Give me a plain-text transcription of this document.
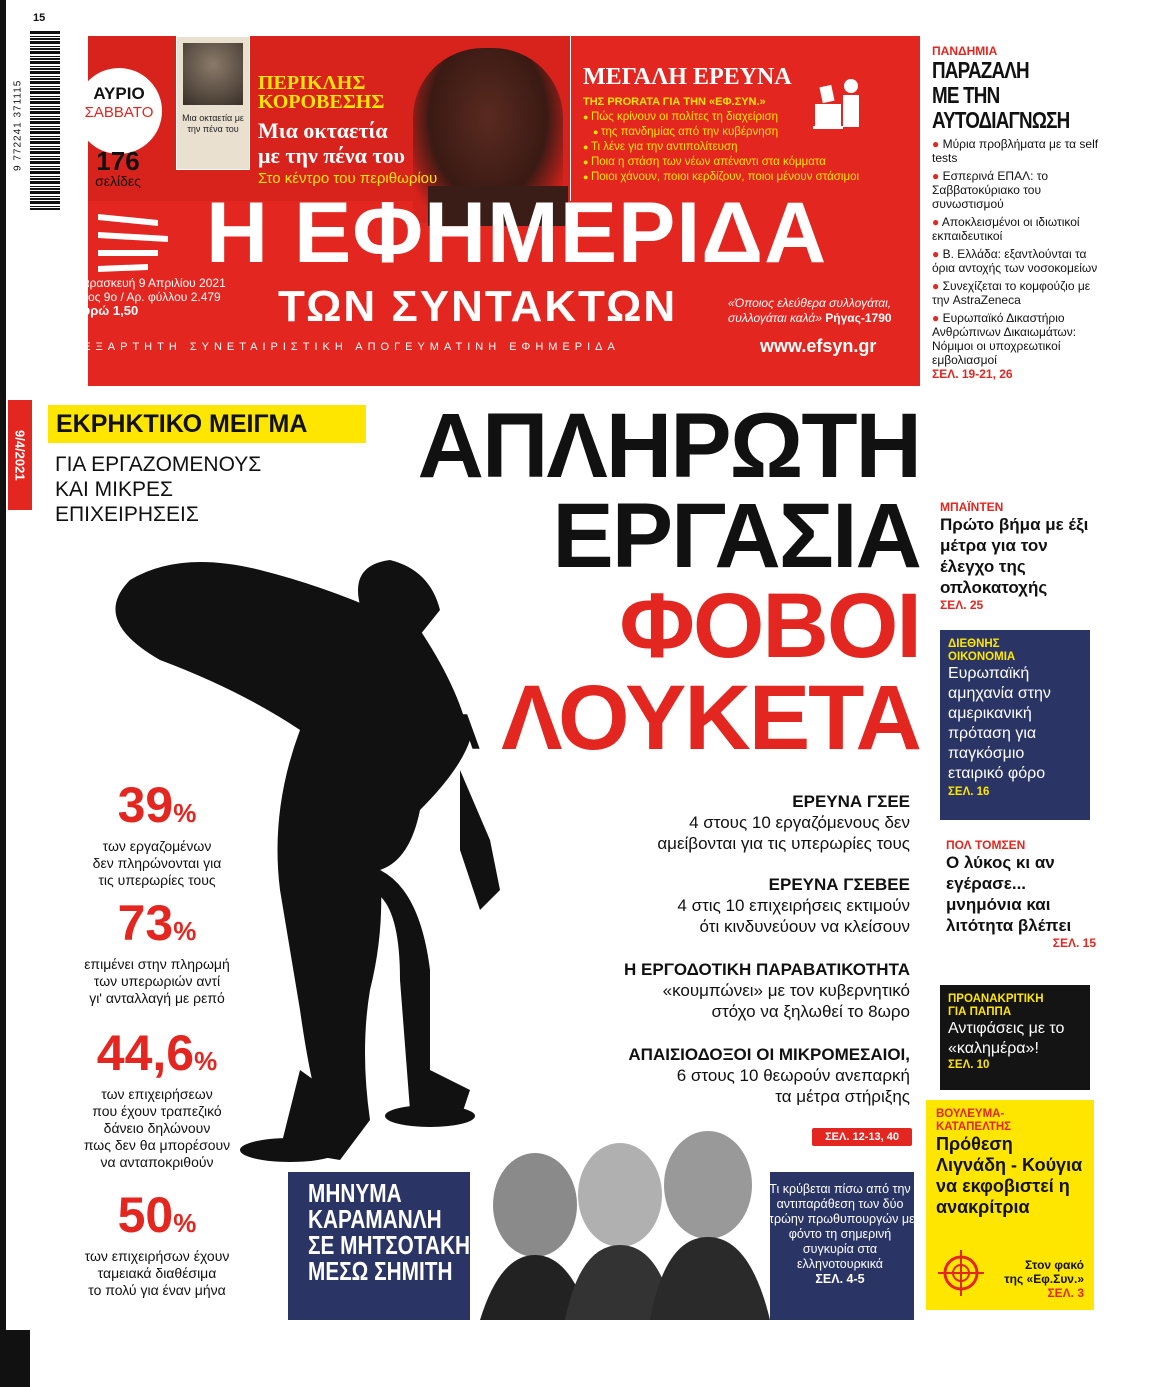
15
9 772241 371115	Μια οκταετία με την πένα του
ΑΥΡΙΟ
ΣΑΒΒΑΤΟ
176
σελίδες
ΠΕΡΙΚΛΗΣ
ΚΟΡΟΒΕΣΗΣ
Μια οκταετία
με την πένα του
Στο κέντρο του περιθωρίου
ΜΕΓΑΛΗ ΕΡΕΥΝΑ
ΤΗΣ PRORATA ΓΙΑ ΤΗΝ «ΕΦ.ΣΥΝ.»
● Πώς κρίνουν οι πολίτες τη διαχείριση
● της πανδημίας από την κυβέρνηση
● Τι λένε για την αντιπολίτευση
● Ποια η στάση των νέων απέναντι στα κόμματα
● Ποιοι χάνουν, ποιοι κερδίζουν, ποιοι μένουν στάσιμοι
Η ΕΦΗΜΕΡΙΔΑ
ΤΩΝ ΣΥΝΤΑΚΤΩΝ
Παρασκευή 9 Απριλίου 2021
Έτος 9ο / Αρ. φύλλου 2.479
Ευρώ 1,50	«Όποιος ελεύθερα συλλογάται,
συλλογάται καλά» Ρήγας-1790
ΑΝΕΞΑΡΤΗΤΗ ΣΥΝΕΤΑΙΡΙΣΤΙΚΗ ΑΠΟΓΕΥΜΑΤΙΝΗ ΕΦΗΜΕΡΙΔΑ	www.efsyn.gr
ΠΑΝΔΗΜΙΑ
ΠΑΡΑΖΑΛΗ
ΜΕ ΤΗΝ
ΑΥΤΟΔΙΑΓΝΩΣΗ
● Μύρια προβλήματα με τα self tests
● Εσπερινά ΕΠΑΛ: το Σαββατοκύριακο του συνωστισμού
● Αποκλεισμένοι οι ιδιωτικοί εκπαιδευτικοί
● Β. Ελλάδα: εξαντλούνται τα όρια αντοχής των νοσοκομείων
● Συνεχίζεται το κομφούζιο με την AstraZeneca
● Ευρωπαϊκό Δικαστήριο Ανθρώπινων Δικαιωμάτων: Νόμιμοι οι υποχρεωτικοί εμβολιασμοί
ΣΕΛ. 19-21, 26
ΜΠΑΪΝΤΕΝ
Πρώτο βήμα με έξι μέτρα για τον έλεγχο της οπλοκατοχής
ΣΕΛ. 25
ΔΙΕΘΝΗΣ
ΟΙΚΟΝΟΜΙΑ
Ευρωπαϊκή αμηχανία στην αμερικανική πρόταση για παγκόσμιο εταιρικό φόρο
ΣΕΛ. 16
ΠΟΛ ΤΟΜΣΕΝ
Ο λύκος κι αν εγέρασε... μνημόνια και λιτότητα βλέπει
ΣΕΛ. 15
ΠΡΟΑΝΑΚΡΙΤΙΚΗ
ΓΙΑ ΠΑΠΠΑ
Αντιφάσεις με το «καλημέρα»!
ΣΕΛ. 10
ΒΟΥΛΕΥΜΑ-
ΚΑΤΑΠΕΛΤΗΣ
Πρόθεση Λιγνάδη - Κούγια να εκφοβιστεί η ανακρίτρια
Στον φακό
της «Εφ.Συν.»
ΣΕΛ. 3
9/4/2021
ΕΚΡΗΚΤΙΚΟ ΜΕΙΓΜΑ
ΓΙΑ ΕΡΓΑΖΟΜΕΝΟΥΣ
ΚΑΙ ΜΙΚΡΕΣ
ΕΠΙΧΕΙΡΗΣΕΙΣ
ΑΠΛΗΡΩΤΗ
ΕΡΓΑΣΙΑ
ΦΟΒΟΙ
ΓΙΑ ΛΟΥΚΕΤΑ
39%
των εργαζομένων
δεν πληρώνονται για
τις υπερωρίες τους
73%
επιμένει στην πληρωμή
των υπερωριών αντί
γι' ανταλλαγή με ρεπό
44,6%
των επιχειρήσεων
που έχουν τραπεζικό
δάνειο δηλώνουν
πως δεν θα μπορέσουν
να ανταποκριθούν
50%
των επιχειρήσων έχουν
ταμειακά διαθέσιμα
το πολύ για έναν μήνα
ΕΡΕΥΝΑ ΓΣΕΕ
4 στους 10 εργαζόμενους δεν
αμείβονται για τις υπερωρίες τους
ΕΡΕΥΝΑ ΓΣΕΒΕΕ
4 στις 10 επιχειρήσεις εκτιμούν
ότι κινδυνεύουν να κλείσουν
Η ΕΡΓΟΔΟΤΙΚΗ ΠΑΡΑΒΑΤΙΚΟΤΗΤΑ
«κουμπώνει» με τον κυβερνητικό
στόχο να ξηλωθεί το 8ωρο
ΑΠΑΙΣΙΟΔΟΞΟΙ ΟΙ ΜΙΚΡΟΜΕΣΑΙΟΙ,
6 στους 10 θεωρούν ανεπαρκή
τα μέτρα στήριξης
ΣΕΛ. 12-13, 40
ΜΗΝΥΜΑ
ΚΑΡΑΜΑΝΛΗ
ΣΕ ΜΗΤΣΟΤΑΚΗ
ΜΕΣΩ ΣΗΜΙΤΗ
Τι κρύβεται πίσω από την αντιπαράθεση των δύο πρώην πρωθυπουργών με φόντο τη σημερινή συγκυρία στα ελληνοτουρκικά
ΣΕΛ. 4-5
